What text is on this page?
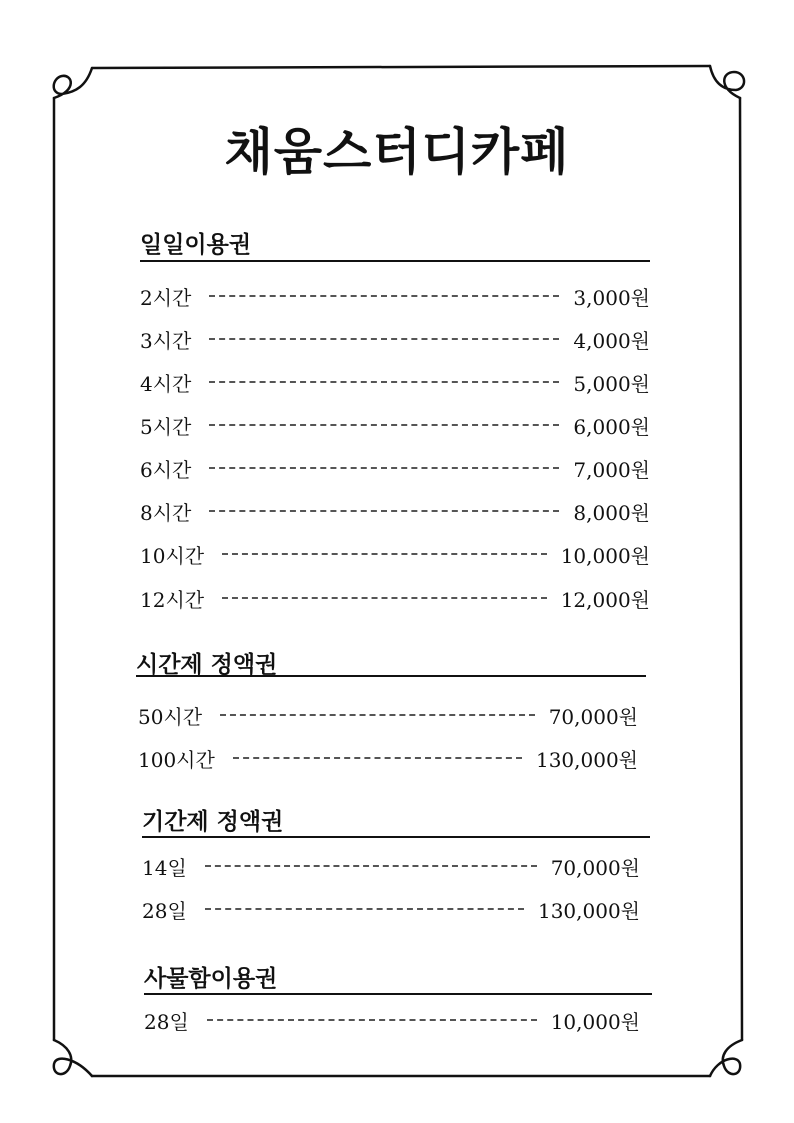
채움스터디카페
일일이용권
2시간	3,000원
3시간	4,000원
4시간	5,000원
5시간	6,000원
6시간	7,000원
8시간	8,000원
10시간	10,000원
12시간	12,000원
시간제 정액권
50시간	70,000원
100시간	130,000원
기간제 정액권
14일	70,000원
28일	130,000원
사물함이용권
28일	10,000원
